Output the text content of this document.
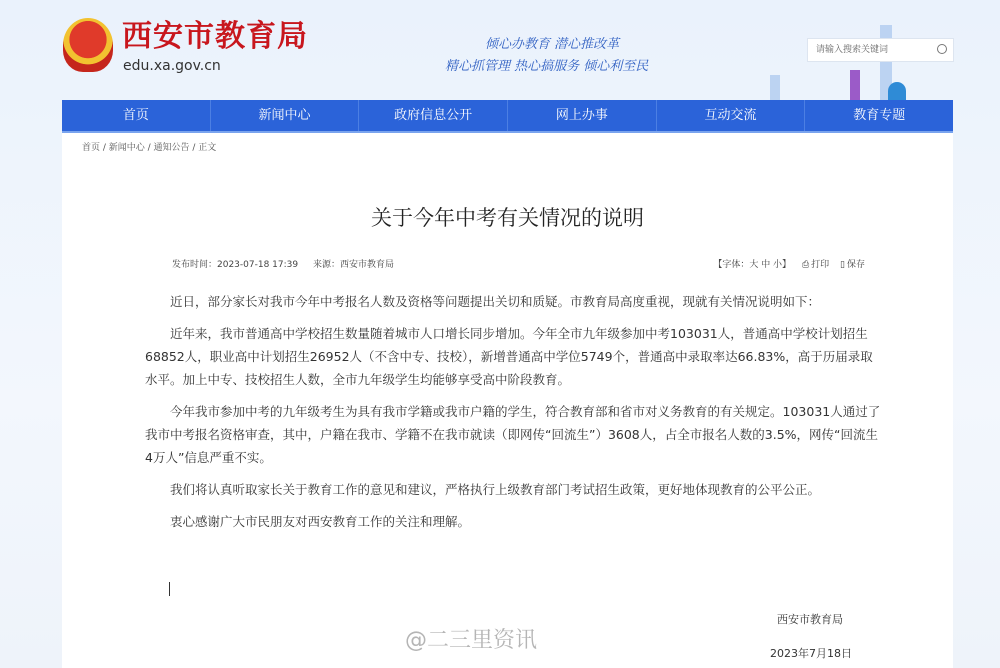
西安市教育局
edu.xa.gov.cn
倾心办教育 潜心推改革
精心抓管理 热心搞服务 倾心利至民
请输入搜索关键词
首页	新闻中心	政府信息公开	网上办事	互动交流	教育专题
首页 / 新闻中心 / 通知公告 / 正文
关于今年中考有关情况的说明
发布时间：2023-07-18 17:39 来源：西安市教育局	【字体：大 中 小】 ⎙ 打印 ▯ 保存

近日，部分家长对我市今年中考报名人数及资格等问题提出关切和质疑。市教育局高度重视，现就有关情况说明如下：

近年来，我市普通高中学校招生数量随着城市人口增长同步增加。今年全市九年级参加中考103031人，普通高中学校计划招生68852人，职业高中计划招生26952人（不含中专、技校），新增普通高中学位5749个，普通高中录取率达66.83%，高于历届录取水平。加上中专、技校招生人数，全市九年级学生均能够享受高中阶段教育。

今年我市参加中考的九年级考生为具有我市学籍或我市户籍的学生，符合教育部和省市对义务教育的有关规定。103031人通过了我市中考报名资格审查，其中，户籍在我市、学籍不在我市就读（即网传“回流生”）3608人，占全市报名人数的3.5%，网传“回流生4万人”信息严重不实。

我们将认真听取家长关于教育工作的意见和建议，严格执行上级教育部门考试招生政策，更好地体现教育的公平公正。

衷心感谢广大市民朋友对西安教育工作的关注和理解。

西安市教育局
@二三里资讯
2023年7月18日
